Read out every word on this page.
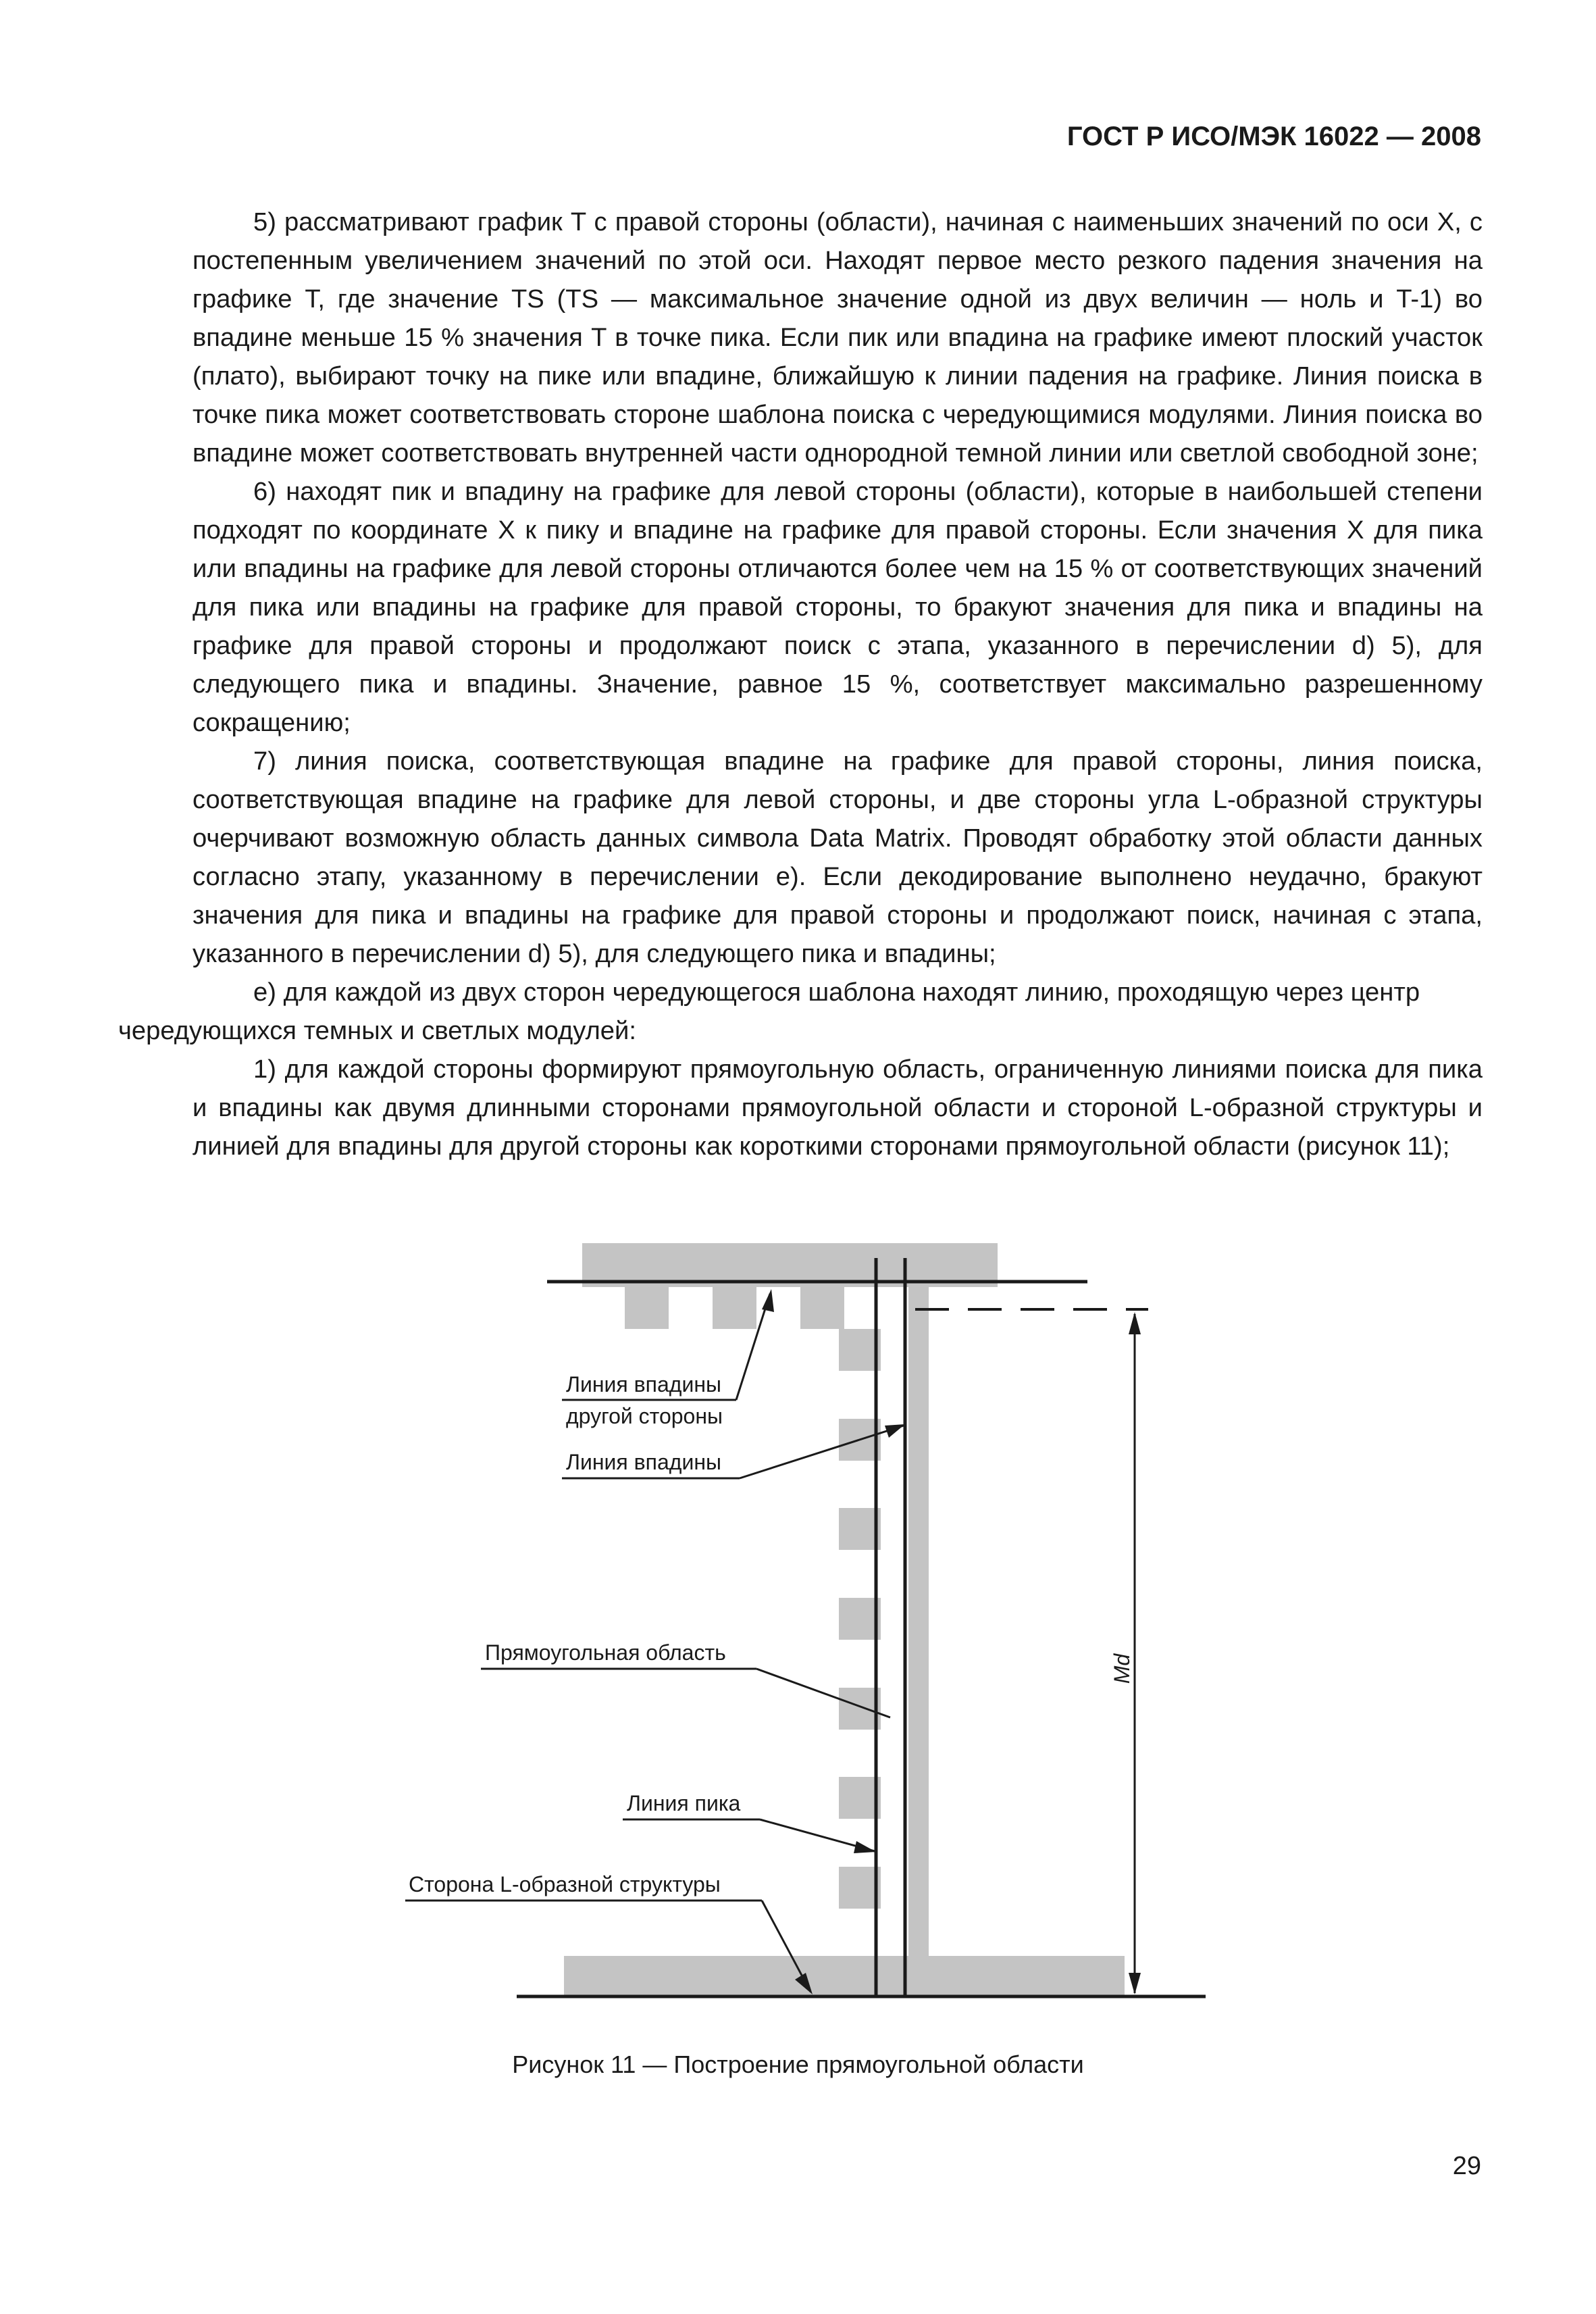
ГОСТ Р ИСО/МЭК 16022 — 2008

5) рассматривают график T с правой стороны (области), начиная с наименьших значений по оси X, с постепенным увеличением значений по этой оси. Находят первое место резкого падения значения на графике T, где значение TS (TS — максимальное значение одной из двух величин — ноль и T-1) во впадине меньше 15 % значения T в точке пика. Если пик или впадина на графике имеют плоский участок (плато), выбирают точку на пике или впадине, ближайшую к линии падения на графике. Линия поиска в точке пика может соответствовать стороне шаблона поиска с чередующимися модулями. Линия поиска во впадине может соответствовать внутренней части однородной темной линии или светлой свободной зоне;

6) находят пик и впадину на графике для левой стороны (области), которые в наибольшей степени подходят по координате X к пику и впадине на графике для правой стороны. Если значения X для пика или впадины на графике для левой стороны отличаются более чем на 15 % от соответствующих значений для пика или впадины на графике для правой стороны, то бракуют значения для пика и впадины на графике для правой стороны и продолжают поиск с этапа, указанного в перечислении d) 5), для следующего пика и впадины. Значение, равное 15 %, соответствует максимально разрешенному сокращению;

7) линия поиска, соответствующая впадине на графике для правой стороны, линия поиска, соответствующая впадине на графике для левой стороны, и две стороны угла L-образной структуры очерчивают возможную область данных символа Data Matrix. Проводят обработку этой области данных согласно этапу, указанному в перечислении e). Если декодирование выполнено неудачно, бракуют значения для пика и впадины на графике для правой стороны и продолжают поиск, начиная с этапа, указанного в перечислении d) 5), для следующего пика и впадины;

e) для каждой из двух сторон чередующегося шаблона находят линию, проходящую через центр

чередующихся темных и светлых модулей:

1) для каждой стороны формируют прямоугольную область, ограниченную линиями поиска для пика и впадины как двумя длинными сторонами прямоугольной области и стороной L-образной структуры и линией для впадины для другой стороны как короткими сторонами прямоугольной области (рисунок 11);

Md
Линия впадины
другой стороны
Линия впадины
Прямоугольная область
Линия пика
Сторона L-образной структуры
Рисунок 11 — Построение прямоугольной области
29
